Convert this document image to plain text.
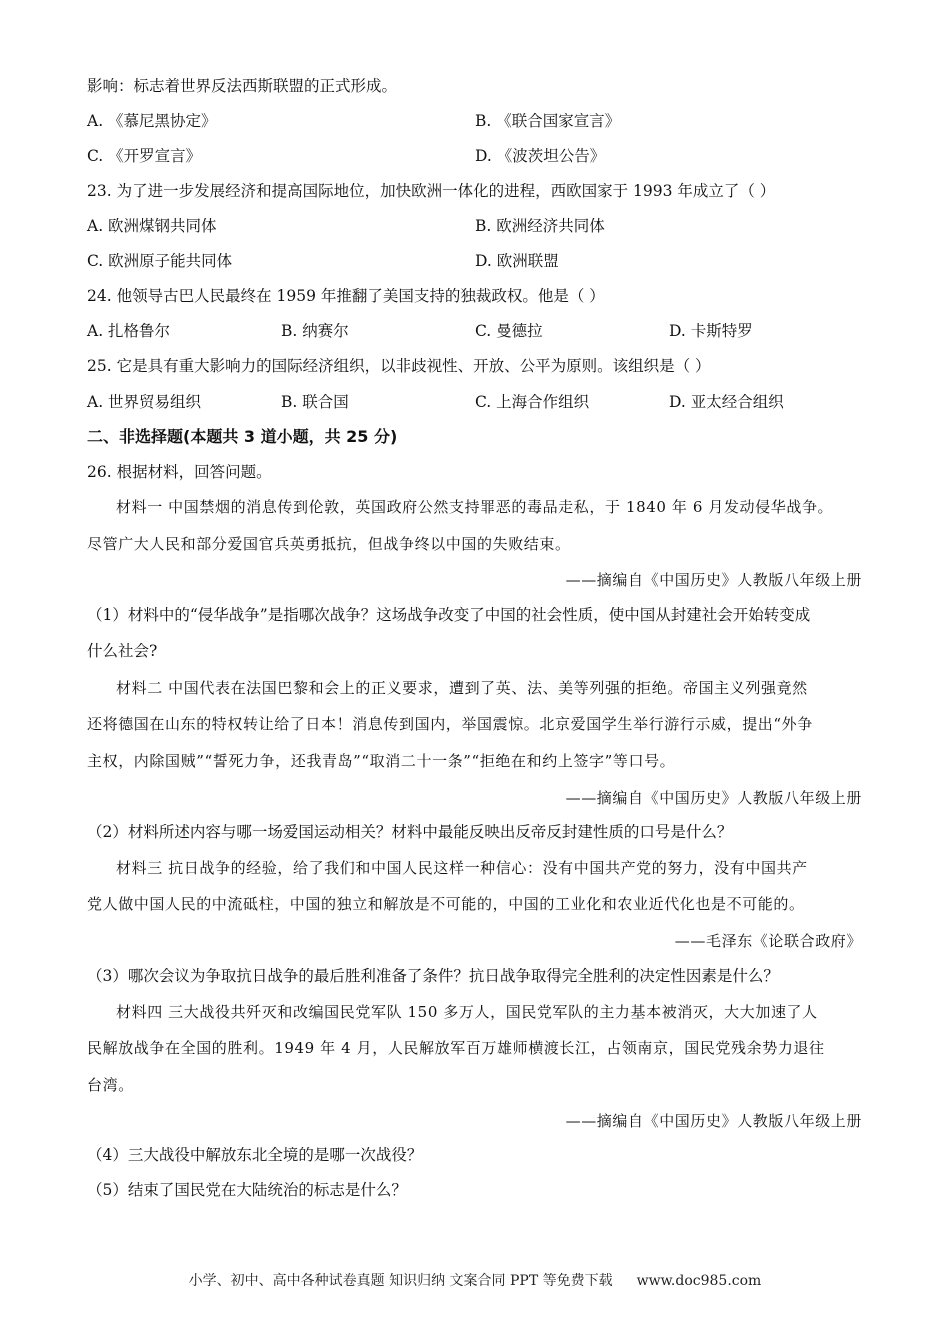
影响：标志着世界反法西斯联盟的正式形成。
A. 《慕尼黑协定》	B. 《联合国家宣言》
C. 《开罗宣言》	D. 《波茨坦公告》
23. 为了进一步发展经济和提高国际地位，加快欧洲一体化的进程，西欧国家于 1993 年成立了（ ）
A. 欧洲煤钢共同体	B. 欧洲经济共同体
C. 欧洲原子能共同体	D. 欧洲联盟
24. 他领导古巴人民最终在 1959 年推翻了美国支持的独裁政权。他是（ ）
A. 扎格鲁尔	B. 纳赛尔	C. 曼德拉	D. 卡斯特罗
25. 它是具有重大影响力的国际经济组织，以非歧视性、开放、公平为原则。该组织是（ ）
A. 世界贸易组织	B. 联合国	C. 上海合作组织	D. 亚太经合组织
二、非选择题(本题共 3 道小题，共 25 分)
26. 根据材料，回答问题。
材料一 中国禁烟的消息传到伦敦，英国政府公然支持罪恶的毒品走私，于 1840 年 6 月发动侵华战争。
尽管广大人民和部分爱国官兵英勇抵抗，但战争终以中国的失败结束。
——摘编自《中国历史》人教版八年级上册
（1）材料中的“侵华战争”是指哪次战争？这场战争改变了中国的社会性质，使中国从封建社会开始转变成
什么社会?
材料二 中国代表在法国巴黎和会上的正义要求，遭到了英、法、美等列强的拒绝。帝国主义列强竟然
还将德国在山东的特权转让给了日本！消息传到国内，举国震惊。北京爱国学生举行游行示威，提出“外争
主权，内除国贼”“誓死力争，还我青岛”“取消二十一条”“拒绝在和约上签字”等口号。
——摘编自《中国历史》人教版八年级上册
（2）材料所述内容与哪一场爱国运动相关？材料中最能反映出反帝反封建性质的口号是什么？
材料三 抗日战争的经验，给了我们和中国人民这样一种信心：没有中国共产党的努力，没有中国共产
党人做中国人民的中流砥柱，中国的独立和解放是不可能的，中国的工业化和农业近代化也是不可能的。
——毛泽东《论联合政府》
（3）哪次会议为争取抗日战争的最后胜利准备了条件？抗日战争取得完全胜利的决定性因素是什么？
材料四 三大战役共歼灭和改编国民党军队 150 多万人，国民党军队的主力基本被消灭，大大加速了人
民解放战争在全国的胜利。1949 年 4 月，人民解放军百万雄师横渡长江，占领南京，国民党残余势力退往
台湾。
——摘编自《中国历史》人教版八年级上册
（4）三大战役中解放东北全境的是哪一次战役？
（5）结束了国民党在大陆统治的标志是什么？
小学、初中、高中各种试卷真题 知识归纳 文案合同 PPT 等免费下载 www.doc985.com
